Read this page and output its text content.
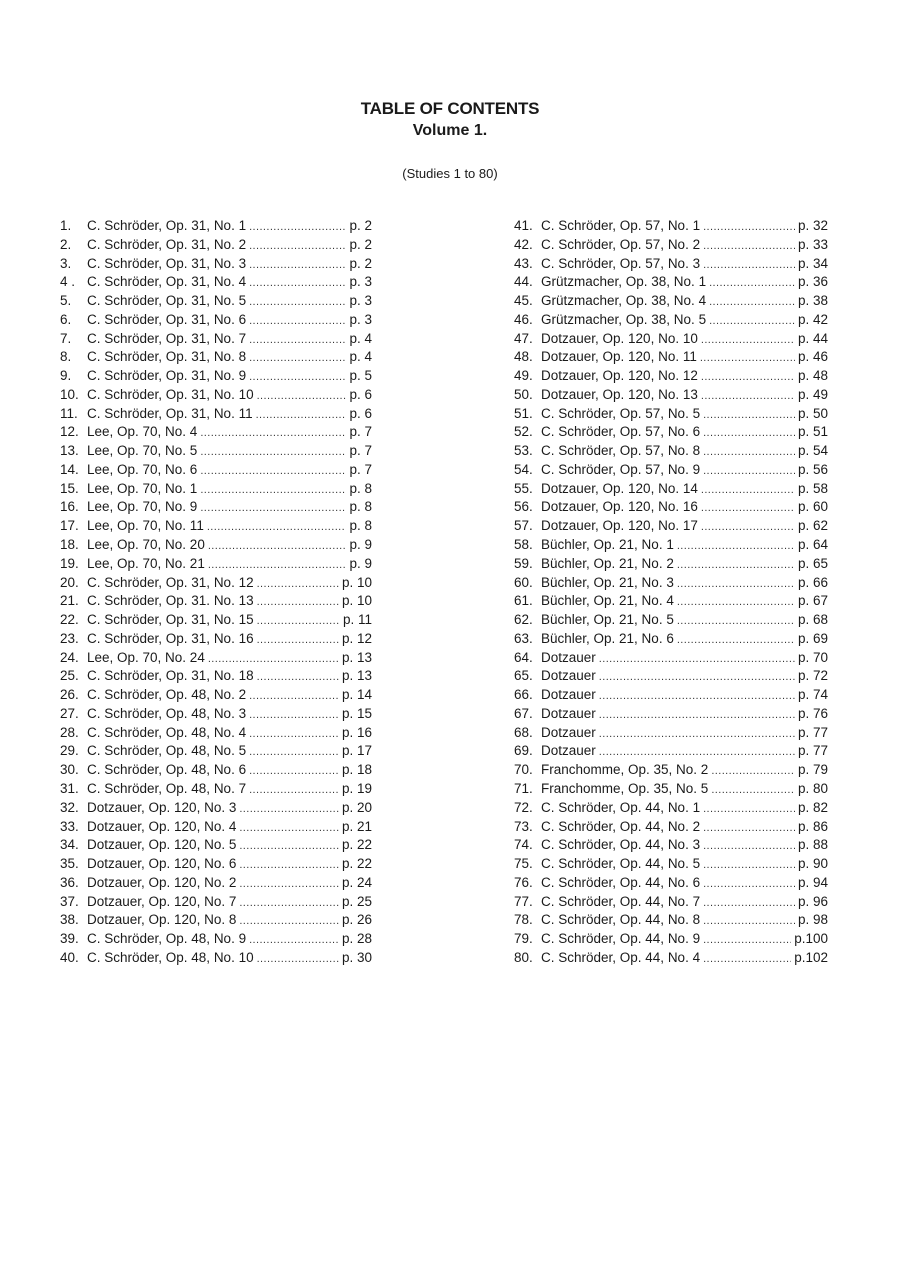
TABLE OF CONTENTS
Volume 1.
(Studies 1 to 80)
1.	C. Schröder, Op. 31, No. 1 .....	p. 2
2.	C. Schröder, Op. 31, No. 2 .....	p. 2
3.	C. Schröder, Op. 31, No. 3 .....	p. 2
4 . C. Schröder, Op. 31, No. 4 .....	p. 3
5.	C. Schröder, Op. 31, No. 5 .....	p. 3
6.	C. Schröder, Op. 31, No. 6 .....	p. 3
7.	C. Schröder, Op. 31, No. 7 .....	p. 4
8.	C. Schröder, Op. 31, No. 8 .....	p. 4
9.	C. Schröder, Op. 31, No. 9 .....	p. 5
10. C. Schröder, Op. 31, No. 10 .....	p. 6
11. C. Schröder, Op. 31, No. 11 .....	p. 6
12. Lee, Op. 70, No. 4 .....	p. 7
13. Lee, Op. 70, No. 5 .....	p. 7
14. Lee, Op. 70, No. 6 .....	p. 7
15. Lee, Op. 70, No. 1 .....	p. 8
16. Lee, Op. 70, No. 9 .....	p. 8
17. Lee, Op. 70, No. 11 .....	p. 8
18. Lee, Op. 70, No. 20 .....	p. 9
19. Lee, Op. 70, No. 21 .....	p. 9
20. C. Schröder, Op. 31, No. 12 .....	p. 10
21. C. Schröder, Op. 31. No. 13 .....	p. 10
22. C. Schröder, Op. 31, No. 15 .....	p. 11
23. C. Schröder, Op. 31, No. 16 .....	p. 12
24. Lee, Op. 70, No. 24 .....	p. 13
25. C. Schröder, Op. 31, No. 18 .....	p. 13
26. C. Schröder, Op. 48, No. 2 .....	p. 14
27. C. Schröder, Op. 48, No. 3 .....	p. 15
28. C. Schröder, Op. 48, No. 4 .....	p. 16
29. C. Schröder, Op. 48, No. 5 .....	p. 17
30. C. Schröder, Op. 48, No. 6 .....	p. 18
31. C. Schröder, Op. 48, No. 7 .....	p. 19
32. Dotzauer, Op. 120, No. 3 .....	p. 20
33. Dotzauer, Op. 120, No. 4 .....	p. 21
34. Dotzauer, Op. 120, No. 5 .....	p. 22
35. Dotzauer, Op. 120, No. 6 .....	p. 22
36. Dotzauer, Op. 120, No. 2 .....	p. 24
37. Dotzauer, Op. 120, No. 7 .....	p. 25
38. Dotzauer, Op. 120, No. 8 .....	p. 26
39. C. Schröder, Op. 48, No. 9 .....	p. 28
40. C. Schröder, Op. 48, No. 10 .....	p. 30
41. C. Schröder, Op. 57, No. 1 .....	p. 32
42. C. Schröder, Op. 57, No. 2 .....	p. 33
43. C. Schröder, Op. 57, No. 3 .....	p. 34
44. Grützmacher, Op. 38, No. 1 .....	p. 36
45. Grützmacher, Op. 38, No. 4 .....	p. 38
46. Grützmacher, Op. 38, No. 5 .....	p. 42
47. Dotzauer, Op. 120, No. 10 .....	p. 44
48. Dotzauer, Op. 120, No. 11 .....	p. 46
49. Dotzauer, Op. 120, No. 12 .....	p. 48
50. Dotzauer, Op. 120, No. 13 .....	p. 49
51. C. Schröder, Op. 57, No. 5 .....	p. 50
52. C. Schröder, Op. 57, No. 6 .....	p. 51
53. C. Schröder, Op. 57, No. 8 .....	p. 54
54. C. Schröder, Op. 57, No. 9 .....	p. 56
55. Dotzauer, Op. 120, No. 14 .....	p. 58
56. Dotzauer, Op. 120, No. 16 .....	p. 60
57. Dotzauer, Op. 120, No. 17 .....	p. 62
58. Büchler, Op. 21, No. 1 .....	p. 64
59. Büchler, Op. 21, No. 2 .....	p. 65
60. Büchler, Op. 21, No. 3 .....	p. 66
61. Büchler, Op. 21, No. 4 .....	p. 67
62. Büchler, Op. 21, No. 5 .....	p. 68
63. Büchler, Op. 21, No. 6 .....	p. 69
64. Dotzauer .....	p. 70
65. Dotzauer .....	p. 72
66. Dotzauer .....	p. 74
67. Dotzauer .....	p. 76
68. Dotzauer .....	p. 77
69. Dotzauer .....	p. 77
70. Franchomme, Op. 35, No. 2 .....	p. 79
71. Franchomme, Op. 35, No. 5 .....	p. 80
72. C. Schröder, Op. 44, No. 1 .....	p. 82
73. C. Schröder, Op. 44, No. 2 .....	p. 86
74. C. Schröder, Op. 44, No. 3 .....	p. 88
75. C. Schröder, Op. 44, No. 5 .....	p. 90
76. C. Schröder, Op. 44, No. 6 .....	p. 94
77. C. Schröder, Op. 44, No. 7 .....	p. 96
78. C. Schröder, Op. 44, No. 8 .....	p. 98
79. C. Schröder, Op. 44, No. 9 .....	p.100
80. C. Schröder, Op. 44, No. 4 .....	p.102
